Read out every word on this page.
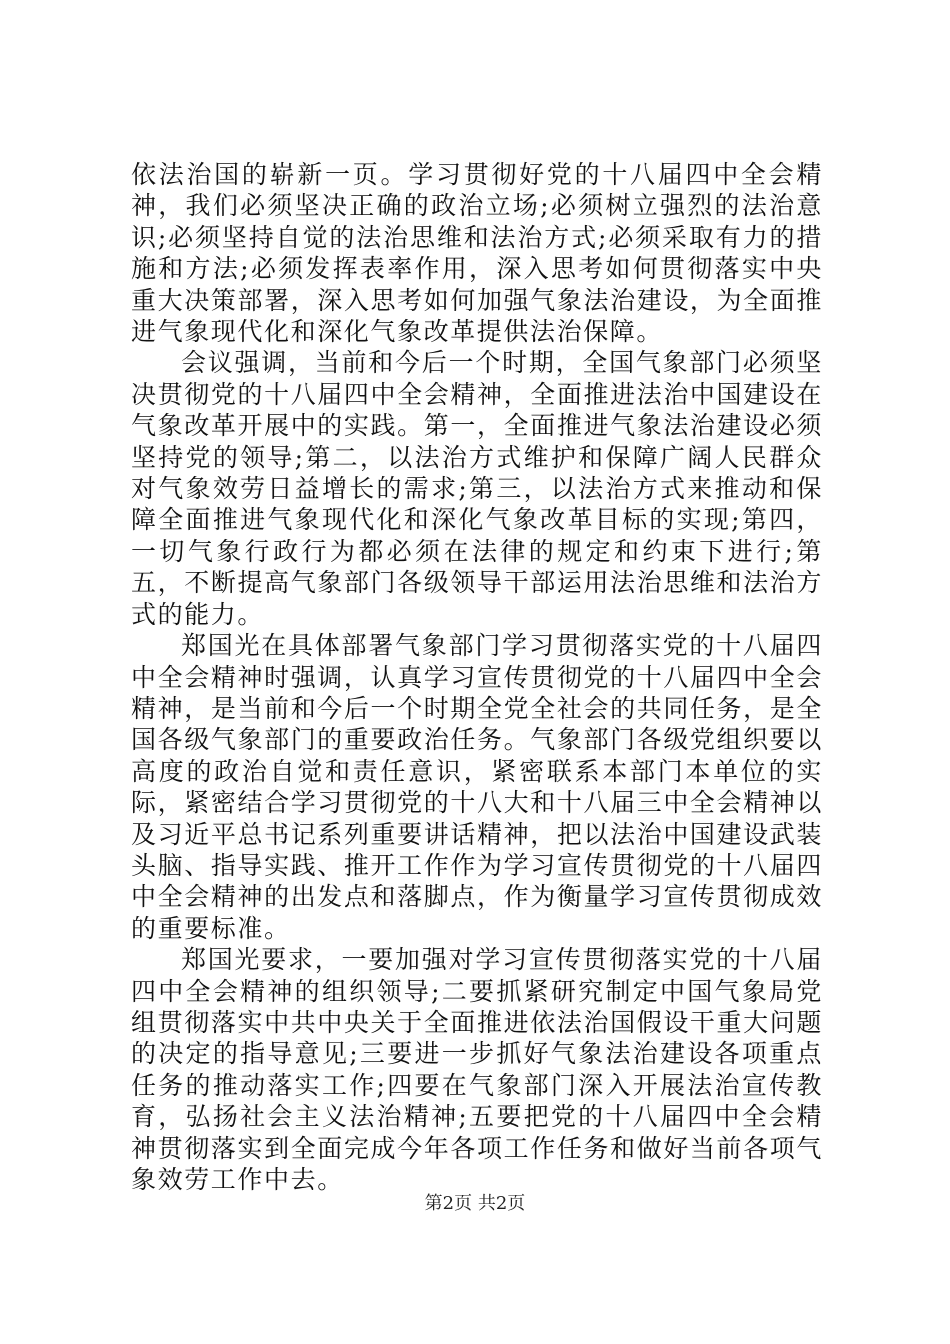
依法治国的崭新一页。学习贯彻好党的十八届四中全会精神，我们必须坚决正确的政治立场;必须树立强烈的法治意识;必须坚持自觉的法治思维和法治方式;必须采取有力的措施和方法;必须发挥表率作用，深入思考如何贯彻落实中央重大决策部署，深入思考如何加强气象法治建设，为全面推进气象现代化和深化气象改革提供法治保障。

会议强调，当前和今后一个时期，全国气象部门必须坚决贯彻党的十八届四中全会精神，全面推进法治中国建设在气象改革开展中的实践。第一，全面推进气象法治建设必须坚持党的领导;第二，以法治方式维护和保障广阔人民群众对气象效劳日益增长的需求;第三，以法治方式来推动和保障全面推进气象现代化和深化气象改革目标的实现;第四，一切气象行政行为都必须在法律的规定和约束下进行;第五，不断提高气象部门各级领导干部运用法治思维和法治方式的能力。

郑国光在具体部署气象部门学习贯彻落实党的十八届四中全会精神时强调，认真学习宣传贯彻党的十八届四中全会精神，是当前和今后一个时期全党全社会的共同任务，是全国各级气象部门的重要政治任务。气象部门各级党组织要以高度的政治自觉和责任意识，紧密联系本部门本单位的实际，紧密结合学习贯彻党的十八大和十八届三中全会精神以及习近平总书记系列重要讲话精神，把以法治中国建设武装头脑、指导实践、推开工作作为学习宣传贯彻党的十八届四中全会精神的出发点和落脚点，作为衡量学习宣传贯彻成效的重要标准。

郑国光要求，一要加强对学习宣传贯彻落实党的十八届四中全会精神的组织领导;二要抓紧研究制定中国气象局党组贯彻落实中共中央关于全面推进依法治国假设干重大问题的决定的指导意见;三要进一步抓好气象法治建设各项重点任务的推动落实工作;四要在气象部门深入开展法治宣传教育，弘扬社会主义法治精神;五要把党的十八届四中全会精神贯彻落实到全面完成今年各项工作任务和做好当前各项气象效劳工作中去。

第2页 共2页
